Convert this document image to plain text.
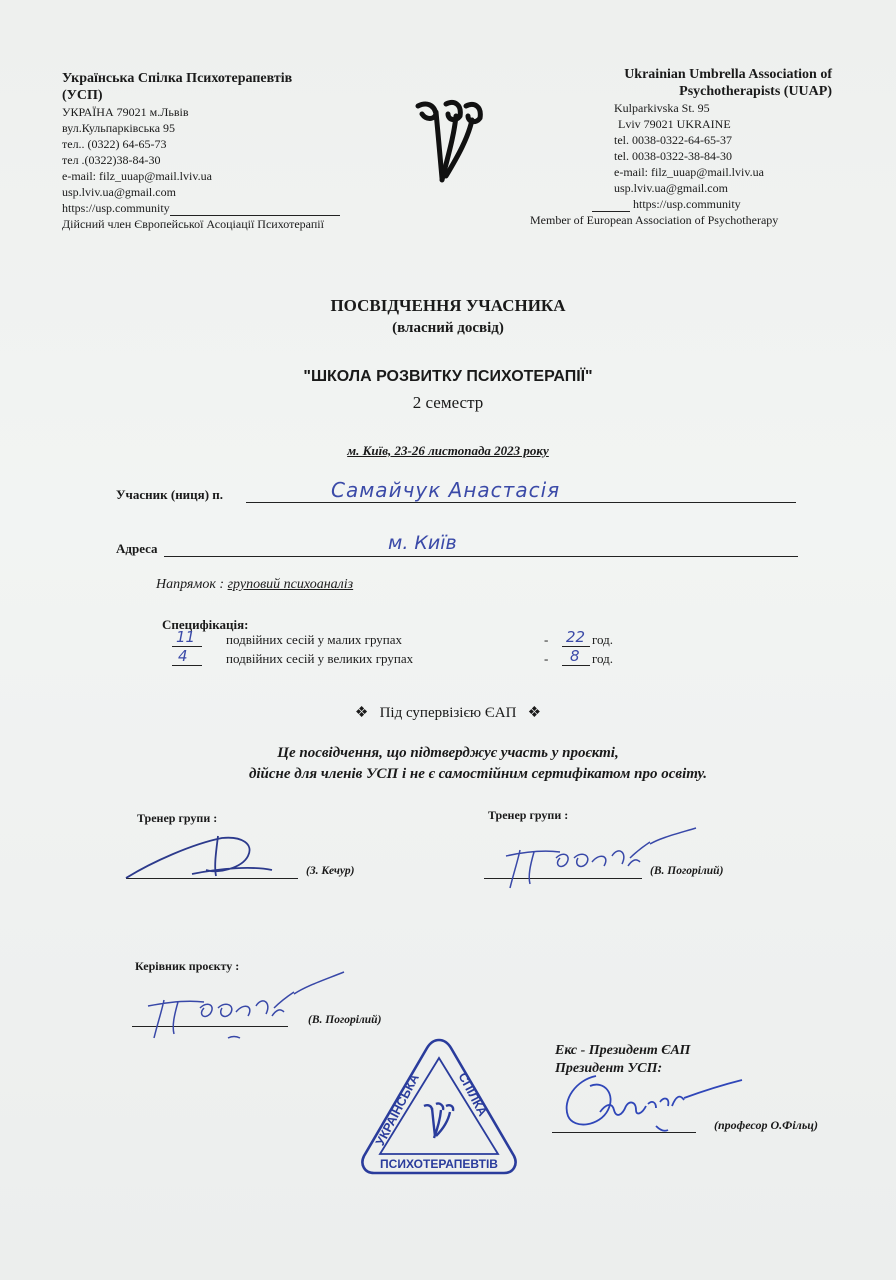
Українська Спілка Психотерапевтів
(УСП)
УКРАЇНА 79021 м.Львів
вул.Кульпарківська 95
тел.. (0322) 64-65-73
тел .(0322)38-84-30
e-mail: filz_uuap@mail.lviv.ua
usp.lviv.ua@gmail.com
https://usp.community
Дійсний член Європейської Асоціації Психотерапії
Ukrainian Umbrella Association of
Psychotherapists (UUAP)
Kulparkivska St. 95
Lviv 79021 UKRAINE
tel. 0038-0322-64-65-37
tel. 0038-0322-38-84-30
e-mail: filz_uuap@mail.lviv.ua
usp.lviv.ua@gmail.com
https://usp.community
Member of European Association of Psychotherapy
ПОСВІДЧЕННЯ УЧАСНИКА
(власний досвід)
"ШКОЛА РОЗВИТКУ ПСИХОТЕРАПІЇ"
2 семестр
м. Київ, 23-26 листопада 2023 року
Учасник (ниця) п.	Самайчук Анастасія
Адреса	м. Київ
Напрямок : груповий психоаналіз
Специфікація:
11 подвійних сесій у малих групах	- 22 год.
4	подвійних сесій у великих групах	- 8 год.
❖ Під супервізією ЄАП ❖
Це посвідчення, що підтверджує участь у проєкті,
дійсне для членів УСП і не є самостійним сертифікатом про освіту.
Тренер групи :
(З. Кечур)
Тренер групи :
(В. Погорілий)
Керівник проєкту :
(В. Погорілий)
УКРАЇНСЬКА	СПІЛКА
ПСИХОТЕРАПЕВТІВ
Екс - Президент ЄАП
Президент УСП:
(професор О.Фільц)
